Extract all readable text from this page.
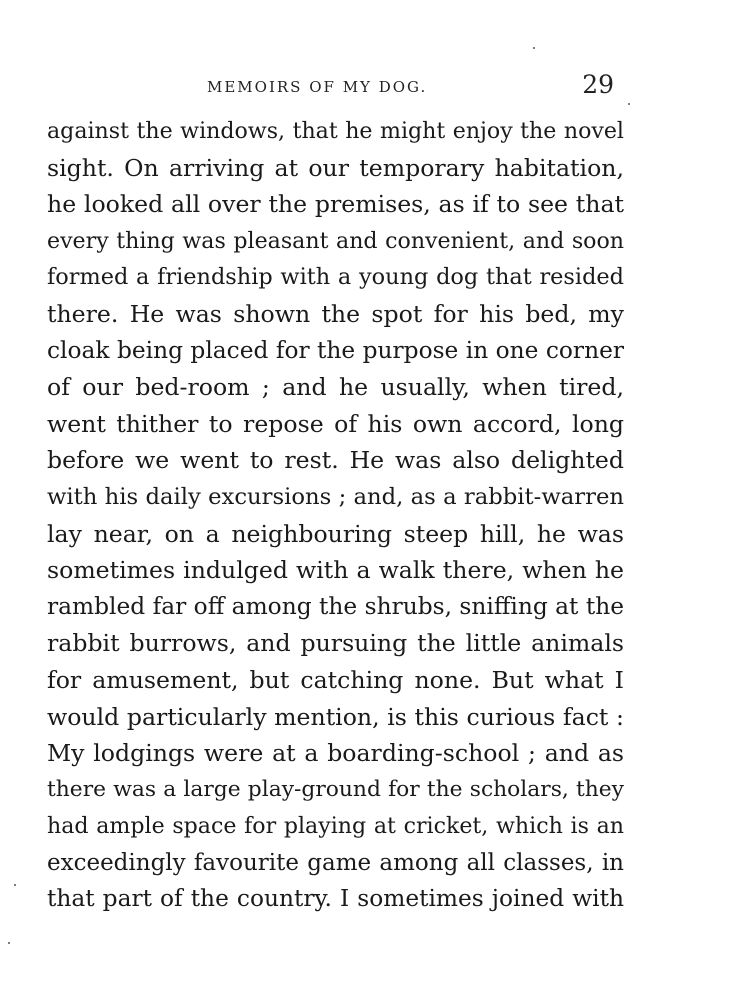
MEMOIRS OF MY DOG.	29
against the windows, that he might enjoy the novel
sight. On arriving at our temporary habitation,
he looked all over the premises, as if to see that
every thing was pleasant and convenient, and soon
formed a friendship with a young dog that resided
there. He was shown the spot for his bed, my
cloak being placed for the purpose in one corner
of our bed-room ; and he usually, when tired,
went thither to repose of his own accord, long
before we went to rest. He was also delighted
with his daily excursions ; and, as a rabbit-warren
lay near, on a neighbouring steep hill, he was
sometimes indulged with a walk there, when he
rambled far off among the shrubs, sniffing at the
rabbit burrows, and pursuing the little animals
for amusement, but catching none. But what I
would particularly mention, is this curious fact :
My lodgings were at a boarding-school ; and as
there was a large play-ground for the scholars, they
had ample space for playing at cricket, which is an
exceedingly favourite game among all classes, in
that part of the country. I sometimes joined with
